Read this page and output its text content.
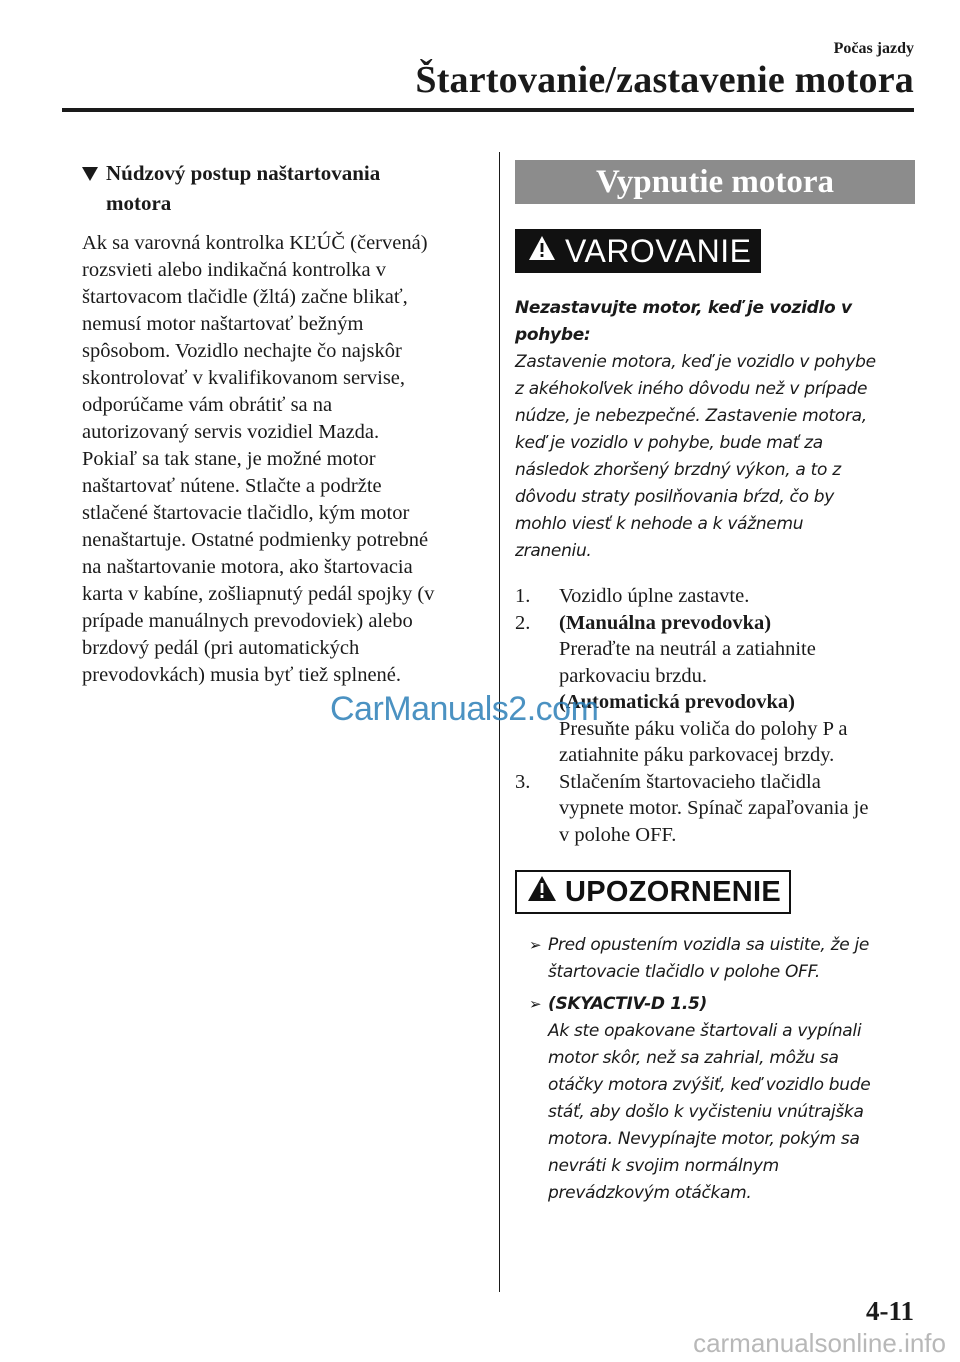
Počas jazdy
Štartovanie/zastavenie motora
Núdzový postup naštartovania
motora
Ak sa varovná kontrolka KĽÚČ (červená)
rozsvieti alebo indikačná kontrolka v
štartovacom tlačidle (žltá) začne blikať,
nemusí motor naštartovať bežným
spôsobom. Vozidlo nechajte čo najskôr
skontrolovať v kvalifikovanom servise,
odporúčame vám obrátiť sa na
autorizovaný servis vozidiel Mazda.
Pokiaľ sa tak stane, je možné motor
naštartovať nútene. Stlačte a podržte
stlačené štartovacie tlačidlo, kým motor
nenaštartuje. Ostatné podmienky potrebné
na naštartovanie motora, ako štartovacia
karta v kabíne, zošliapnutý pedál spojky (v
prípade manuálnych prevodoviek) alebo
brzdový pedál (pri automatických
prevodovkách) musia byť tiež splnené.
Vypnutie motora
VAROVANIE
Nezastavujte motor, keď je vozidlo v
pohybe:
Zastavenie motora, keď je vozidlo v pohybe
z akéhokoľvek iného dôvodu než v prípade
núdze, je nebezpečné. Zastavenie motora,
keď je vozidlo v pohybe, bude mať za
následok zhoršený brzdný výkon, a to z
dôvodu straty posilňovania bŕzd, čo by
mohlo viesť k nehode a k vážnemu
zraneniu.
1. Vozidlo úplne zastavte.
2. (Manuálna prevodovka)
Preraďte na neutrál a zatiahnite
parkovaciu brzdu.
(Automatická prevodovka)
Presuňte páku voliča do polohy P a
zatiahnite páku parkovacej brzdy.
3. Stlačením štartovacieho tlačidla
vypnete motor. Spínač zapaľovania je
v polohe OFF.
UPOZORNENIE
➢ Pred opustením vozidla sa uistite, že je
štartovacie tlačidlo v polohe OFF.
➢ (SKYACTIV-D 1.5)
Ak ste opakovane štartovali a vypínali
motor skôr, než sa zahrial, môžu sa
otáčky motora zvýšiť, keď vozidlo bude
stáť, aby došlo k vyčisteniu vnútrajška
motora. Nevypínajte motor, pokým sa
nevráti k svojim normálnym
prevádzkovým otáčkam.
CarManuals2.com
4-11
carmanualsonline.info
